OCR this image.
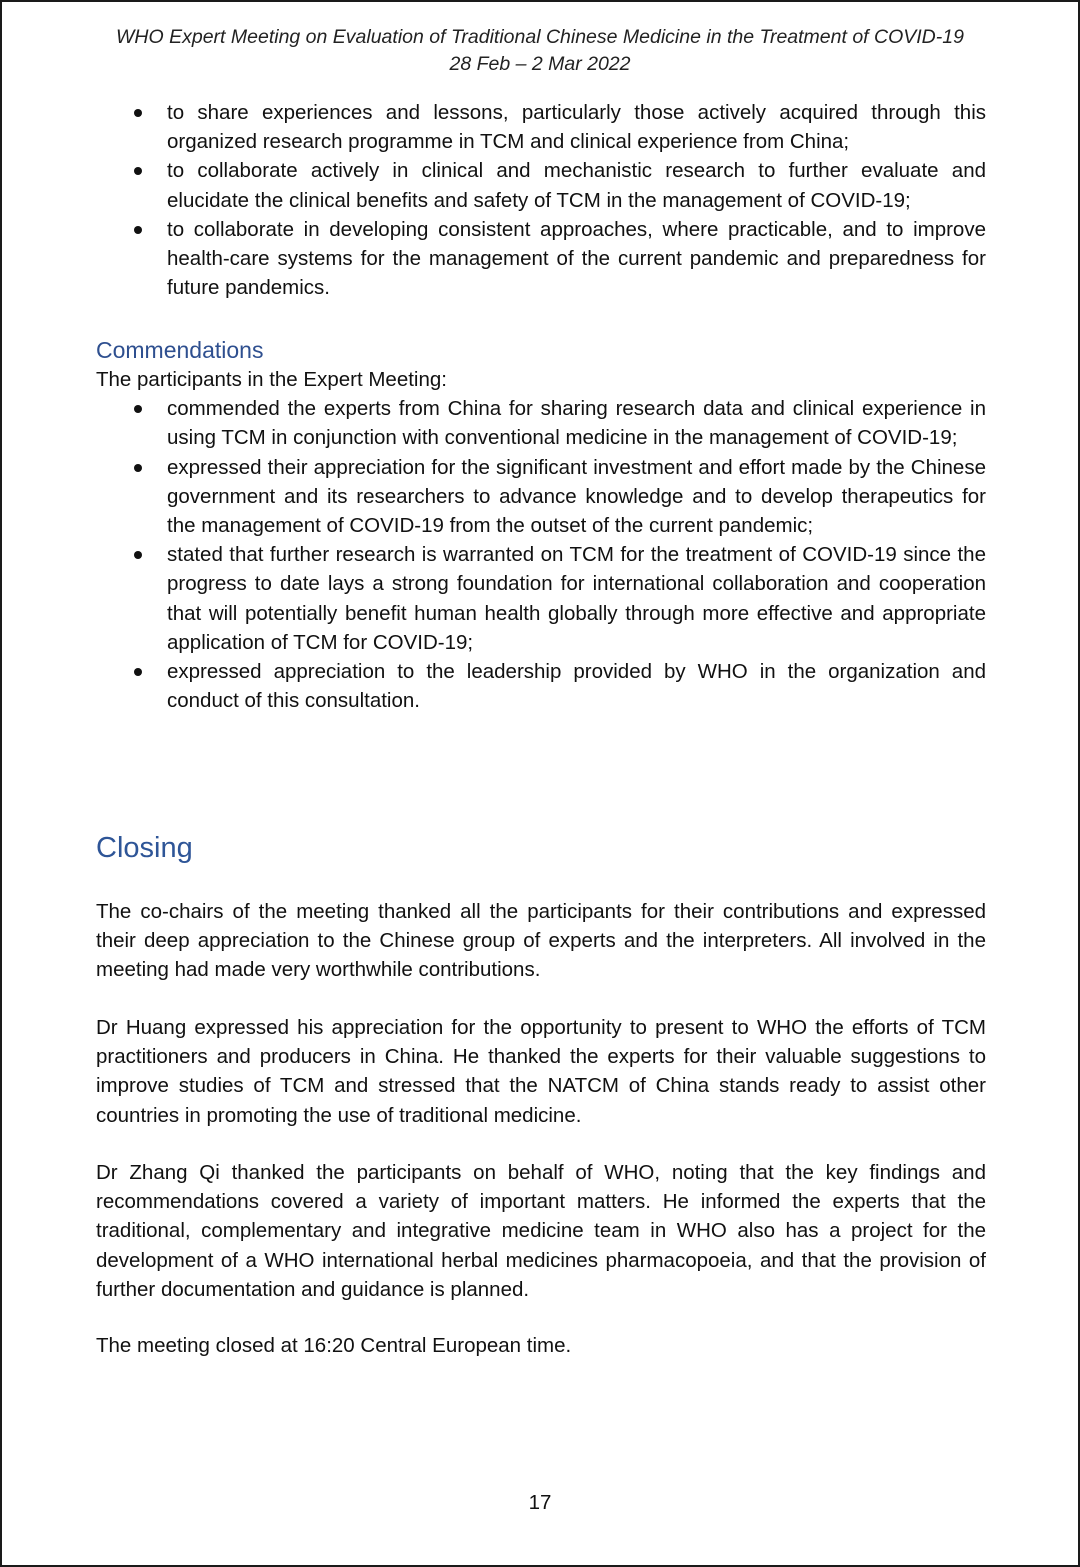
WHO Expert Meeting on Evaluation of Traditional Chinese Medicine in the Treatment of COVID-19
28 Feb – 2 Mar 2022
to share experiences and lessons, particularly those actively acquired through this organized research programme in TCM and clinical experience from China;
to collaborate actively in clinical and mechanistic research to further evaluate and elucidate the clinical benefits and safety of TCM in the management of COVID-19;
to collaborate in developing consistent approaches, where practicable, and to improve health-care systems for the management of the current pandemic and preparedness for future pandemics.
Commendations

The participants in the Expert Meeting:

commended the experts from China for sharing research data and clinical experience in using TCM in conjunction with conventional medicine in the management of COVID-19;
expressed their appreciation for the significant investment and effort made by the Chinese government and its researchers to advance knowledge and to develop therapeutics for the management of COVID-19 from the outset of the current pandemic;
stated that further research is warranted on TCM for the treatment of COVID-19 since the progress to date lays a strong foundation for international collaboration and cooperation that will potentially benefit human health globally through more effective and appropriate application of TCM for COVID-19;
expressed appreciation to the leadership provided by WHO in the organization and conduct of this consultation.
Closing

The co-chairs of the meeting thanked all the participants for their contributions and expressed their deep appreciation to the Chinese group of experts and the interpreters. All involved in the meeting had made very worthwhile contributions.

Dr Huang expressed his appreciation for the opportunity to present to WHO the efforts of TCM practitioners and producers in China. He thanked the experts for their valuable suggestions to improve studies of TCM and stressed that the NATCM of China stands ready to assist other countries in promoting the use of traditional medicine.

Dr Zhang Qi thanked the participants on behalf of WHO, noting that the key findings and recommendations covered a variety of important matters. He informed the experts that the traditional, complementary and integrative medicine team in WHO also has a project for the development of a WHO international herbal medicines pharmacopoeia, and that the provision of further documentation and guidance is planned.

The meeting closed at 16:20 Central European time.

17
